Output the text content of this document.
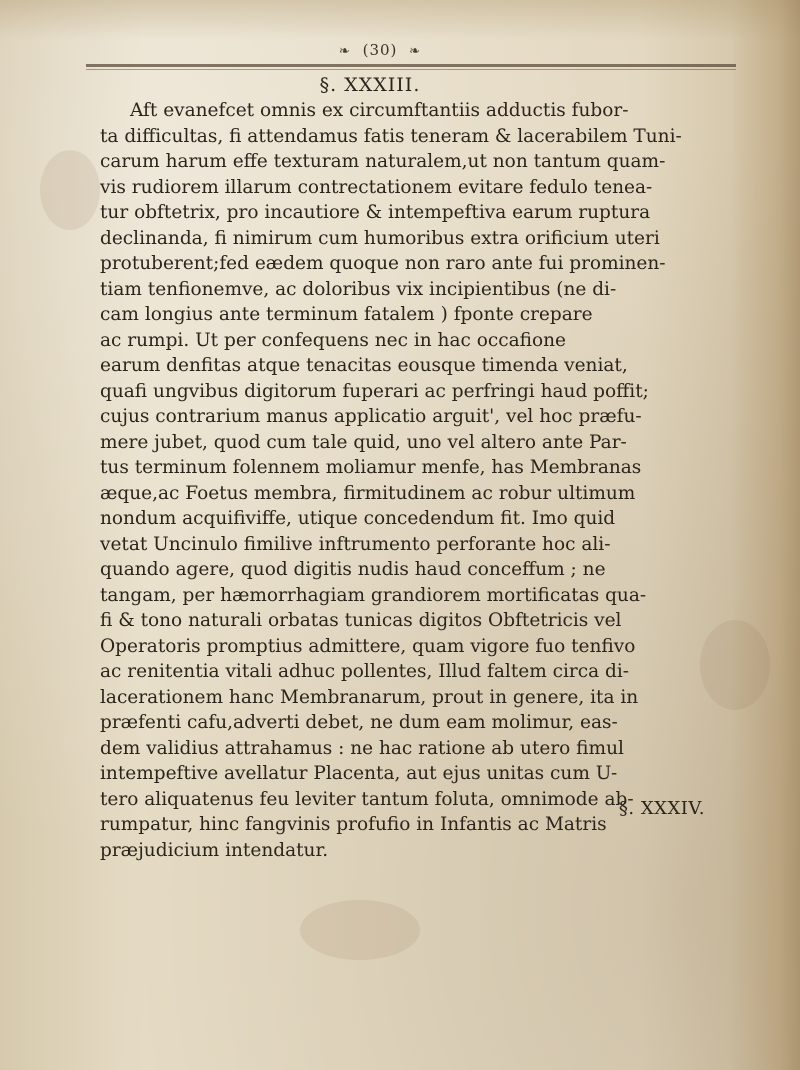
❧ (30) ❧
§. XXXIII.
Aft evanefcet omnis ex circumftantiis adductis fubor-
ta difficultas, fi attendamus fatis teneram & lacerabilem Tuni-
carum harum effe texturam naturalem,ut non tantum quam-
vis rudiorem illarum contrectationem evitare fedulo tenea-
tur obftetrix, pro incautiore & intempeftiva earum ruptura
declinanda, fi nimirum cum humoribus extra orificium uteri
protuberent;fed eædem quoque non raro ante fui prominen-
tiam tenfionemve, ac doloribus vix incipientibus (ne di-
cam longius ante terminum fatalem ) fponte crepare
ac rumpi. Ut per confequens nec in hac occafione
earum denfitas atque tenacitas eousque timenda veniat,
quafi ungvibus digitorum fuperari ac perfringi haud poffit;
cujus contrarium manus applicatio arguit', vel hoc præfu-
mere jubet, quod cum tale quid, uno vel altero ante Par-
tus terminum folennem moliamur menfe, has Membranas
æque,ac Foetus membra, firmitudinem ac robur ultimum
nondum acquifiviffe, utique concedendum fit. Imo quid
vetat Uncinulo fimilive inftrumento perforante hoc ali-
quando agere, quod digitis nudis haud conceffum ; ne
tangam, per hæmorrhagiam grandiorem mortificatas qua-
fi & tono naturali orbatas tunicas digitos Obftetricis vel
Operatoris promptius admittere, quam vigore fuo tenfivo
ac renitentia vitali adhuc pollentes, Illud faltem circa di-
lacerationem hanc Membranarum, prout in genere, ita in
præfenti cafu,adverti debet, ne dum eam molimur, eas-
dem validius attrahamus : ne hac ratione ab utero fimul
intempeftive avellatur Placenta, aut ejus unitas cum U-
tero aliquatenus feu leviter tantum foluta, omnimode ab-
rumpatur, hinc fangvinis profufio in Infantis ac Matris
præjudicium intendatur.
§. XXXIV.
